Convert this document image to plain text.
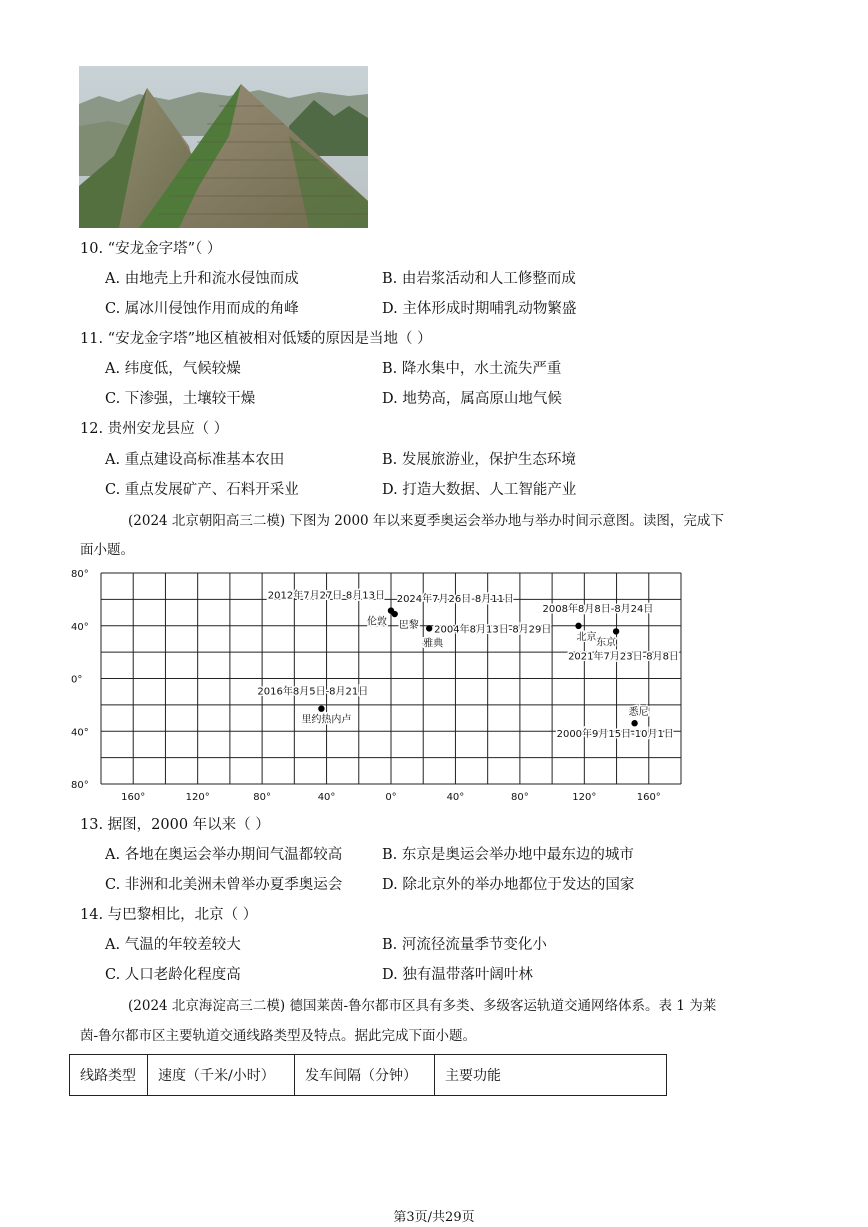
10. “安龙金字塔”（ ）
A. 由地壳上升和流水侵蚀而成	B. 由岩浆活动和人工修整而成
C. 属冰川侵蚀作用而成的角峰	D. 主体形成时期哺乳动物繁盛
11. “安龙金字塔”地区植被相对低矮的原因是当地（ ）
A. 纬度低，气候较燥	B. 降水集中，水土流失严重
C. 下渗强，土壤较干燥	D. 地势高，属高原山地气候
12. 贵州安龙县应（ ）
A. 重点建设高标准基本农田	B. 发展旅游业，保护生态环境
C. 重点发展矿产、石料开采业	D. 打造大数据、人工智能产业
(2024 北京朝阳高三二模) 下图为 2000 年以来夏季奥运会举办地与举办时间示意图。读图，完成下
面小题。
80°
40°
0°
40°
80°
160°	120°	80°	40°	0°	40°	80°	120°	160°
2012年7月27日-8月13日
伦敦
2024年7月26日-8月11日
巴黎 2004年8月13日-8月29日
雅典
2008年8月8日-8月24日
北京
2021年7月23日-8月8日
东京
2016年8月5日-8月21日
里约热内卢
2000年9月15日-10月1日
悉尼
13. 据图，2000 年以来（ ）
A. 各地在奥运会举办期间气温都较高	B. 东京是奥运会举办地中最东边的城市
C. 非洲和北美洲未曾举办夏季奥运会	D. 除北京外的举办地都位于发达的国家
14. 与巴黎相比，北京（ ）
A. 气温的年较差较大	B. 河流径流量季节变化小
C. 人口老龄化程度高	D. 独有温带落叶阔叶林
(2024 北京海淀高三二模) 德国莱茵-鲁尔都市区具有多类、多级客运轨道交通网络体系。表 1 为莱
茵-鲁尔都市区主要轨道交通线路类型及特点。据此完成下面小题。
线路类型	速度（千米/小时）	发车间隔（分钟）	主要功能
第3页/共29页
